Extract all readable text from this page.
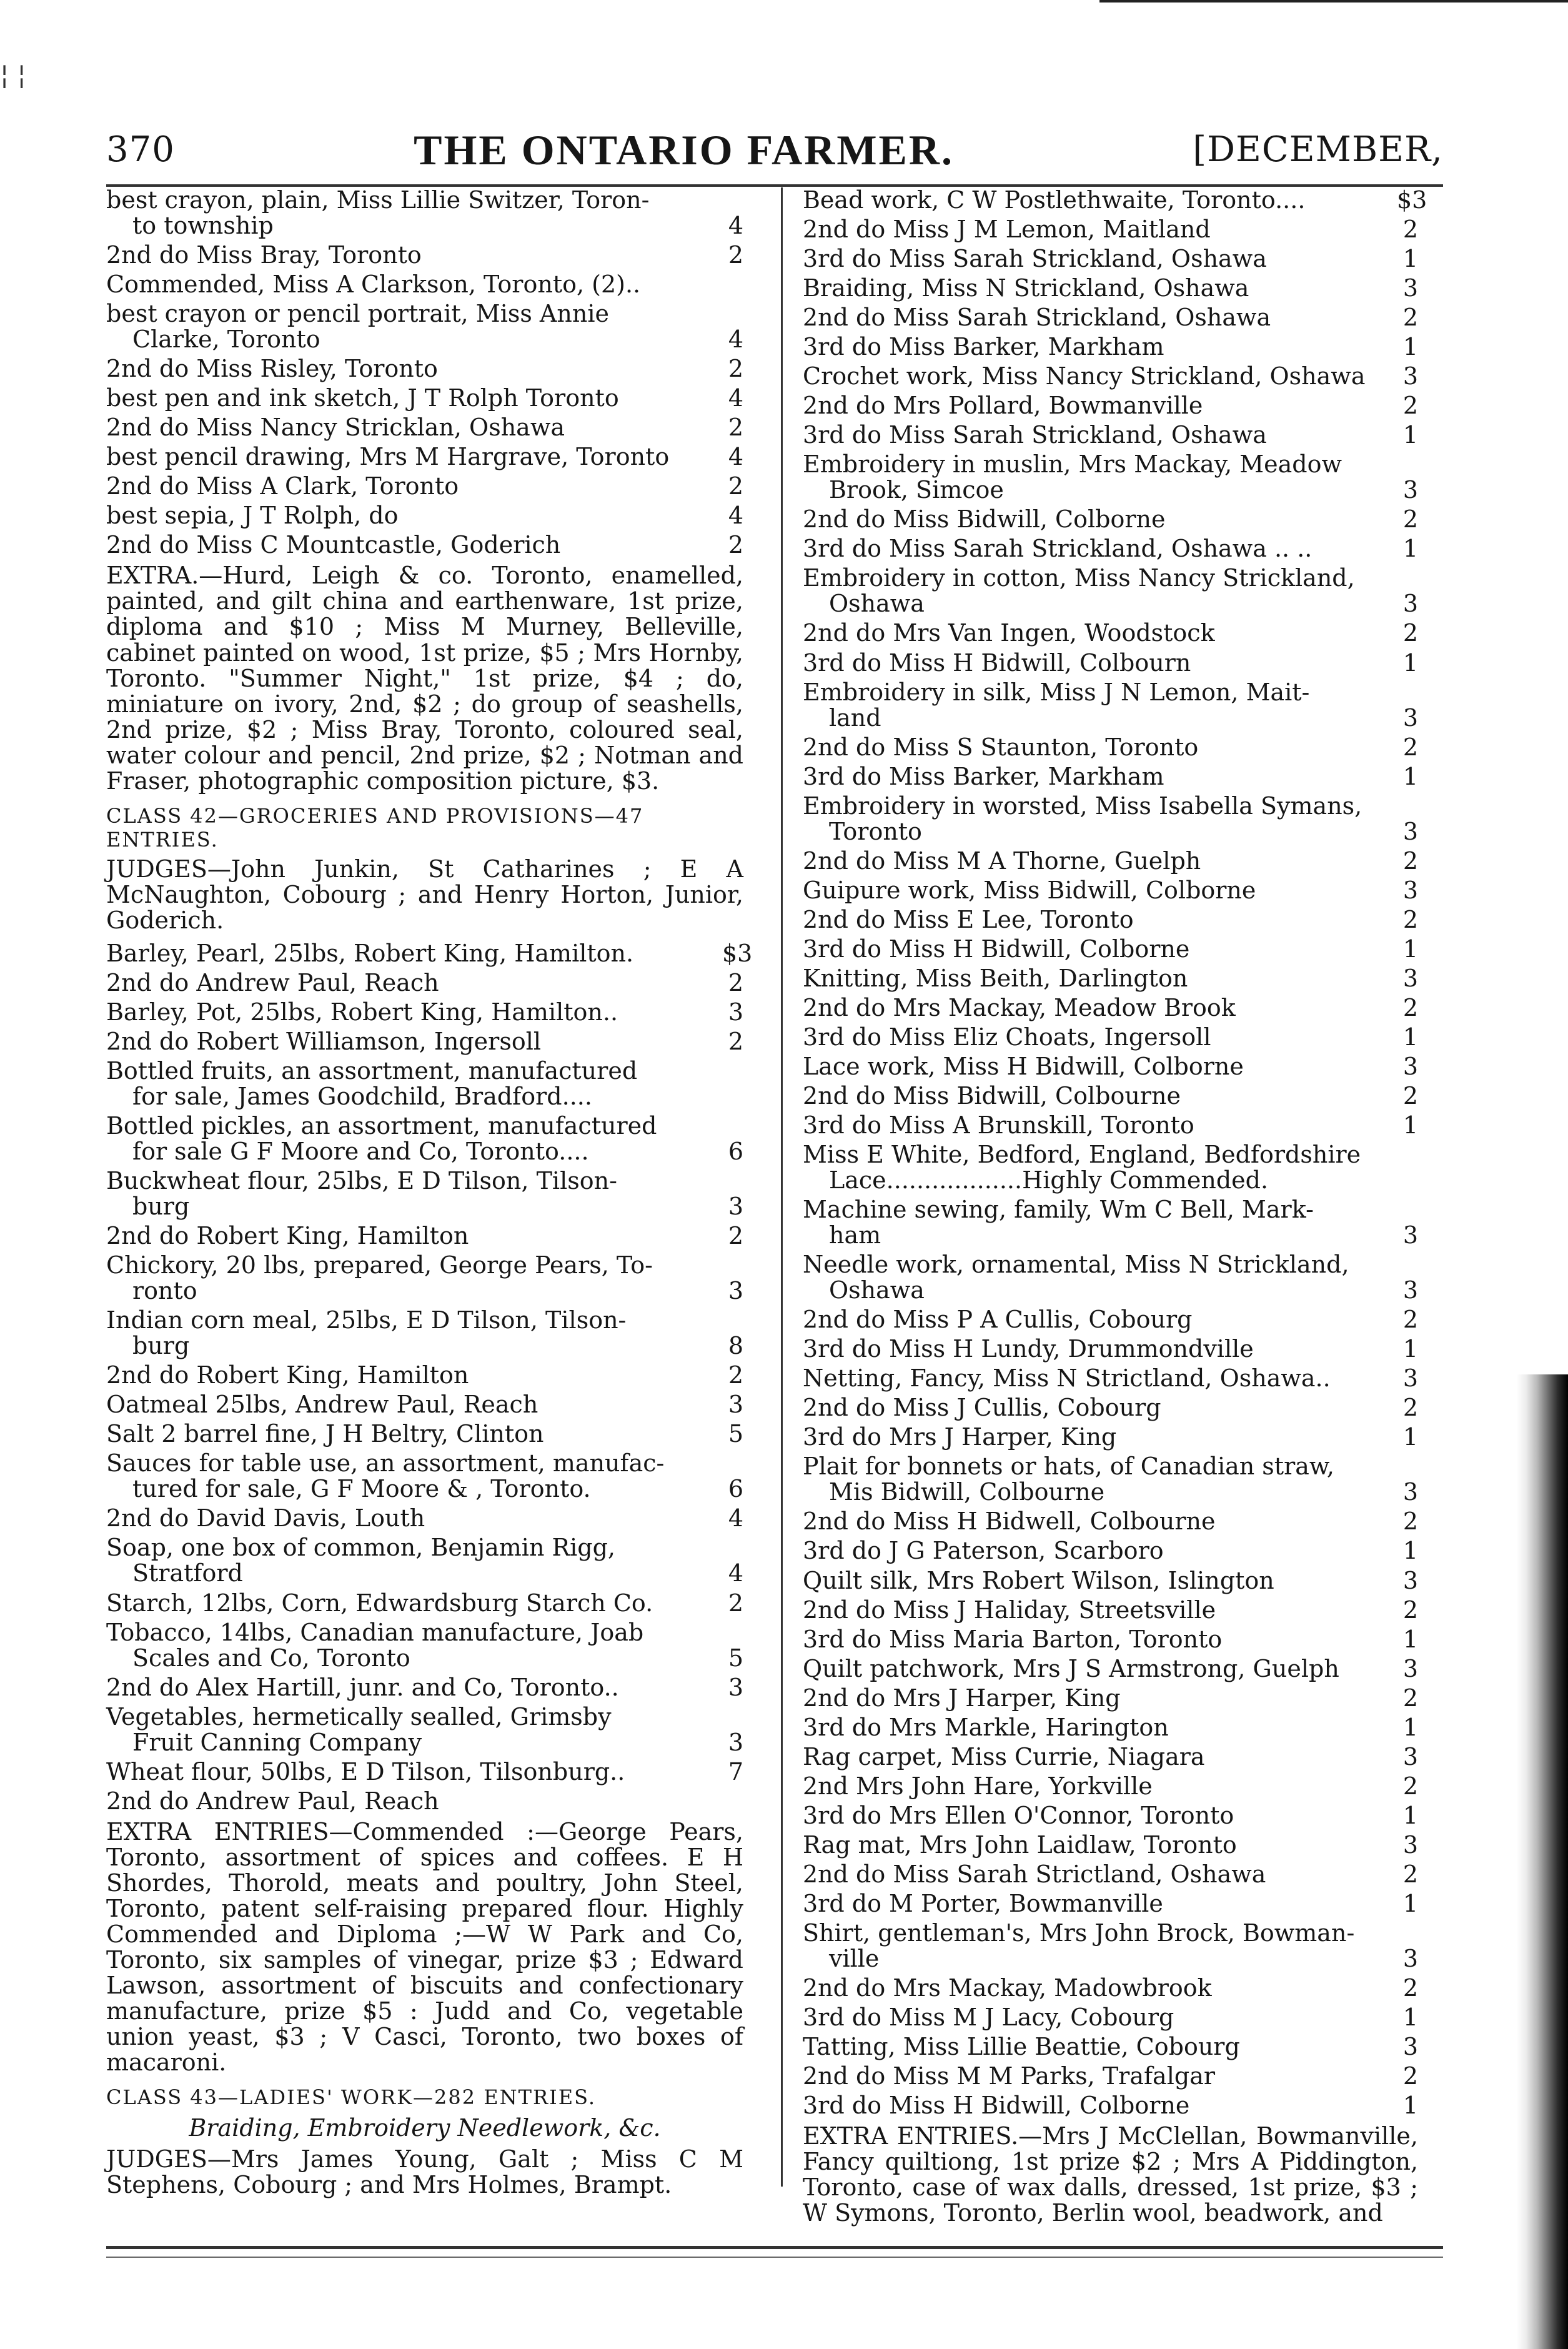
¦ ¦
370	THE ONTARIO FARMER.	[DECEMBER,
best crayon, plain, Miss Lillie Switzer, Toron-
to township	4
2nd do Miss Bray, Toronto	2
Commended, Miss A Clarkson, Toronto, (2)..
best crayon or pencil portrait, Miss Annie
Clarke, Toronto	4
2nd do Miss Risley, Toronto	2
best pen and ink sketch, J T Rolph Toronto	4
2nd do Miss Nancy Stricklan, Oshawa	2
best pencil drawing, Mrs M Hargrave, Toronto	4
2nd do Miss A Clark, Toronto	2
best sepia, J T Rolph, do	4
2nd do Miss C Mountcastle, Goderich	2
EXTRA.—Hurd, Leigh & co. Toronto, enamelled, painted, and gilt china and earthenware, 1st prize, diploma and $10 ; Miss M Murney, Belleville, cabinet painted on wood, 1st prize, $5 ; Mrs Hornby, Toronto. "Summer Night," 1st prize, $4 ; do, miniature on ivory, 2nd, $2 ; do group of seashells, 2nd prize, $2 ; Miss Bray, Toronto, coloured seal, water colour and pencil, 2nd prize, $2 ; Notman and Fraser, photographic composition picture, $3.
CLASS 42—GROCERIES AND PROVISIONS—47 ENTRIES.
JUDGES—John Junkin, St Catharines ; E A McNaughton, Cobourg ; and Henry Horton, Junior, Goderich.
Barley, Pearl, 25lbs, Robert King, Hamilton.	$3
2nd do Andrew Paul, Reach	2
Barley, Pot, 25lbs, Robert King, Hamilton..	3
2nd do Robert Williamson, Ingersoll	2
Bottled fruits, an assortment, manufactured
for sale, James Goodchild, Bradford....
Bottled pickles, an assortment, manufactured
for sale G F Moore and Co, Toronto....	6
Buckwheat flour, 25lbs, E D Tilson, Tilson-
burg	3
2nd do Robert King, Hamilton	2
Chickory, 20 lbs, prepared, George Pears, To-
ronto	3
Indian corn meal, 25lbs, E D Tilson, Tilson-
burg	8
2nd do Robert King, Hamilton	2
Oatmeal 25lbs, Andrew Paul, Reach	3
Salt 2 barrel fine, J H Beltry, Clinton	5
Sauces for table use, an assortment, manufac-
tured for sale, G F Moore & , Toronto.	6
2nd do David Davis, Louth	4
Soap, one box of common, Benjamin Rigg,
Stratford	4
Starch, 12lbs, Corn, Edwardsburg Starch Co.	2
Tobacco, 14lbs, Canadian manufacture, Joab
Scales and Co, Toronto	5
2nd do Alex Hartill, junr. and Co, Toronto..	3
Vegetables, hermetically sealled, Grimsby
Fruit Canning Company	3
Wheat flour, 50lbs, E D Tilson, Tilsonburg..	7
2nd do Andrew Paul, Reach
EXTRA ENTRIES—Commended :—George Pears, Toronto, assortment of spices and coffees. E H Shordes, Thorold, meats and poultry, John Steel, Toronto, patent self-raising prepared flour. Highly Commended and Diploma ;—W W Park and Co, Toronto, six samples of vinegar, prize $3 ; Edward Lawson, assortment of biscuits and confectionary manufacture, prize $5 : Judd and Co, vegetable union yeast, $3 ; V Casci, Toronto, two boxes of macaroni.
CLASS 43—LADIES' WORK—282 ENTRIES.
Braiding, Embroidery Needlework, &c.
JUDGES—Mrs James Young, Galt ; Miss C M Stephens, Cobourg ; and Mrs Holmes, Brampt.
Bead work, C W Postlethwaite, Toronto....	$3
2nd do Miss J M Lemon, Maitland	2
3rd do Miss Sarah Strickland, Oshawa	1
Braiding, Miss N Strickland, Oshawa	3
2nd do Miss Sarah Strickland, Oshawa	2
3rd do Miss Barker, Markham	1
Crochet work, Miss Nancy Strickland, Oshawa	3
2nd do Mrs Pollard, Bowmanville	2
3rd do Miss Sarah Strickland, Oshawa	1
Embroidery in muslin, Mrs Mackay, Meadow
Brook, Simcoe	3
2nd do Miss Bidwill, Colborne	2
3rd do Miss Sarah Strickland, Oshawa .. ..	1
Embroidery in cotton, Miss Nancy Strickland,
Oshawa	3
2nd do Mrs Van Ingen, Woodstock	2
3rd do Miss H Bidwill, Colbourn	1
Embroidery in silk, Miss J N Lemon, Mait-
land	3
2nd do Miss S Staunton, Toronto	2
3rd do Miss Barker, Markham	1
Embroidery in worsted, Miss Isabella Symans,
Toronto	3
2nd do Miss M A Thorne, Guelph	2
Guipure work, Miss Bidwill, Colborne	3
2nd do Miss E Lee, Toronto	2
3rd do Miss H Bidwill, Colborne	1
Knitting, Miss Beith, Darlington	3
2nd do Mrs Mackay, Meadow Brook	2
3rd do Miss Eliz Choats, Ingersoll	1
Lace work, Miss H Bidwill, Colborne	3
2nd do Miss Bidwill, Colbourne	2
3rd do Miss A Brunskill, Toronto	1
Miss E White, Bedford, England, Bedfordshire
Lace..................Highly Commended.
Machine sewing, family, Wm C Bell, Mark-
ham	3
Needle work, ornamental, Miss N Strickland,
Oshawa	3
2nd do Miss P A Cullis, Cobourg	2
3rd do Miss H Lundy, Drummondville	1
Netting, Fancy, Miss N Strictland, Oshawa..	3
2nd do Miss J Cullis, Cobourg	2
3rd do Mrs J Harper, King	1
Plait for bonnets or hats, of Canadian straw,
Mis Bidwill, Colbourne	3
2nd do Miss H Bidwell, Colbourne	2
3rd do J G Paterson, Scarboro	1
Quilt silk, Mrs Robert Wilson, Islington	3
2nd do Miss J Haliday, Streetsville	2
3rd do Miss Maria Barton, Toronto	1
Quilt patchwork, Mrs J S Armstrong, Guelph	3
2nd do Mrs J Harper, King	2
3rd do Mrs Markle, Harington	1
Rag carpet, Miss Currie, Niagara	3
2nd Mrs John Hare, Yorkville	2
3rd do Mrs Ellen O'Connor, Toronto	1
Rag mat, Mrs John Laidlaw, Toronto	3
2nd do Miss Sarah Strictland, Oshawa	2
3rd do M Porter, Bowmanville	1
Shirt, gentleman's, Mrs John Brock, Bowman-
ville	3
2nd do Mrs Mackay, Madowbrook	2
3rd do Miss M J Lacy, Cobourg	1
Tatting, Miss Lillie Beattie, Cobourg	3
2nd do Miss M M Parks, Trafalgar	2
3rd do Miss H Bidwill, Colborne	1
EXTRA ENTRIES.—Mrs J McClellan, Bowmanville, Fancy quiltiong, 1st prize $2 ; Mrs A Piddington, Toronto, case of wax dalls, dressed, 1st prize, $3 ; W Symons, Toronto, Berlin wool, beadwork, and
